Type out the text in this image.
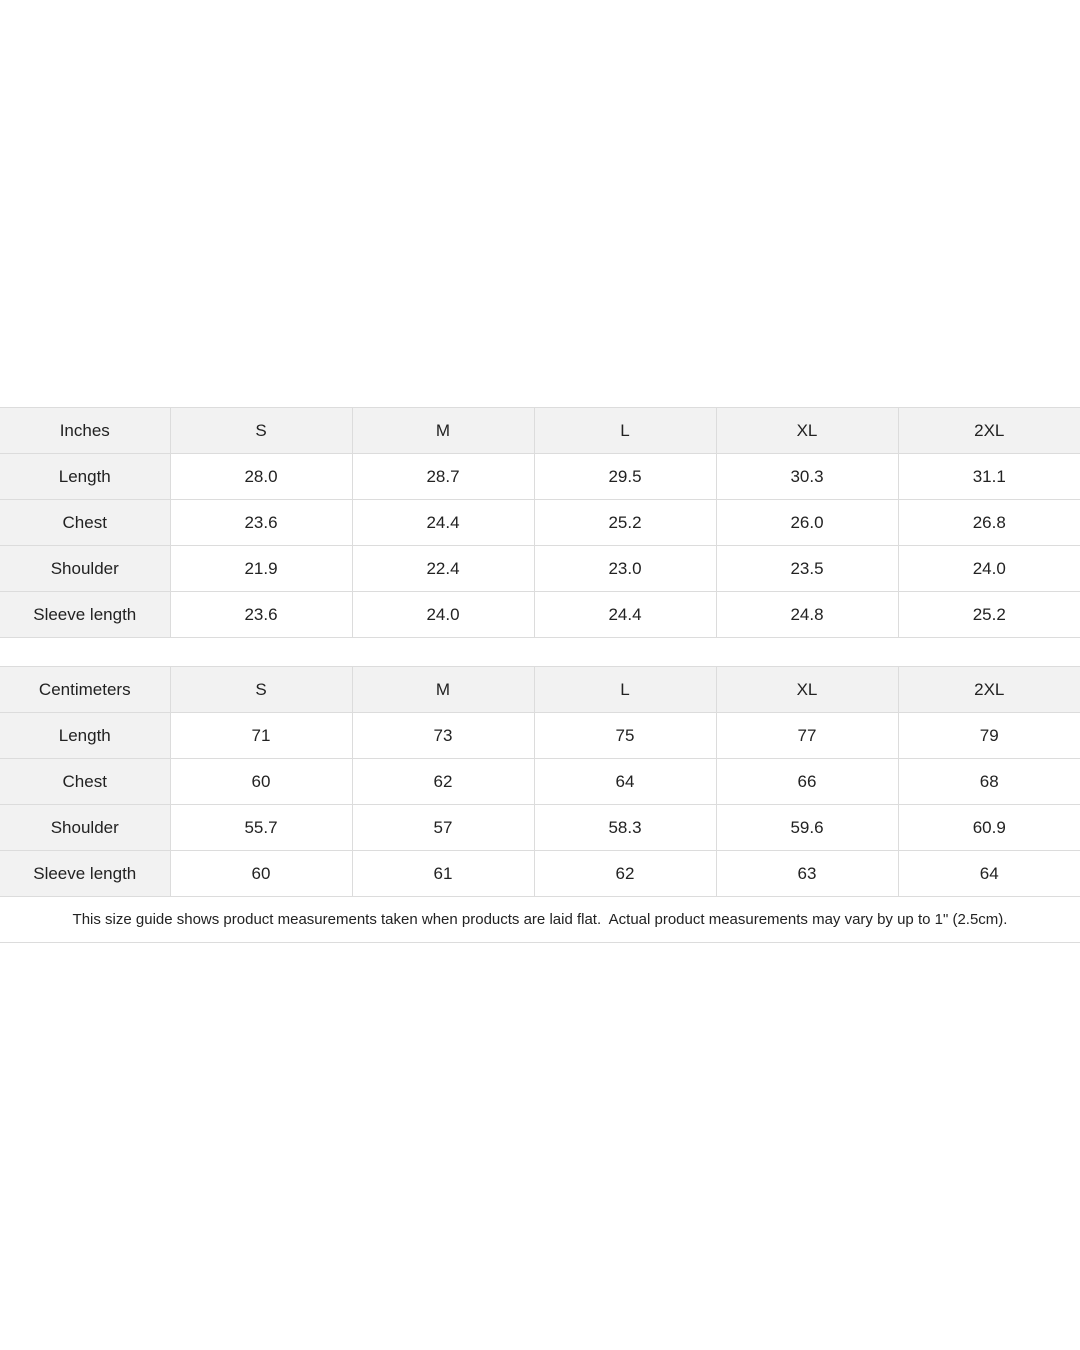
Inches	S	M	L	XL	2XL
Length	28.0	28.7	29.5	30.3	31.1
Chest	23.6	24.4	25.2	26.0	26.8
Shoulder	21.9	22.4	23.0	23.5	24.0
Sleeve length	23.6	24.0	24.4	24.8	25.2
Centimeters	S	M	L	XL	2XL
Length	71	73	75	77	79
Chest	60	62	64	66	68
Shoulder	55.7	57	58.3	59.6	60.9
Sleeve length	60	61	62	63	64
This size guide shows product measurements taken when products are laid flat.  Actual product measurements may vary by up to 1" (2.5cm).
